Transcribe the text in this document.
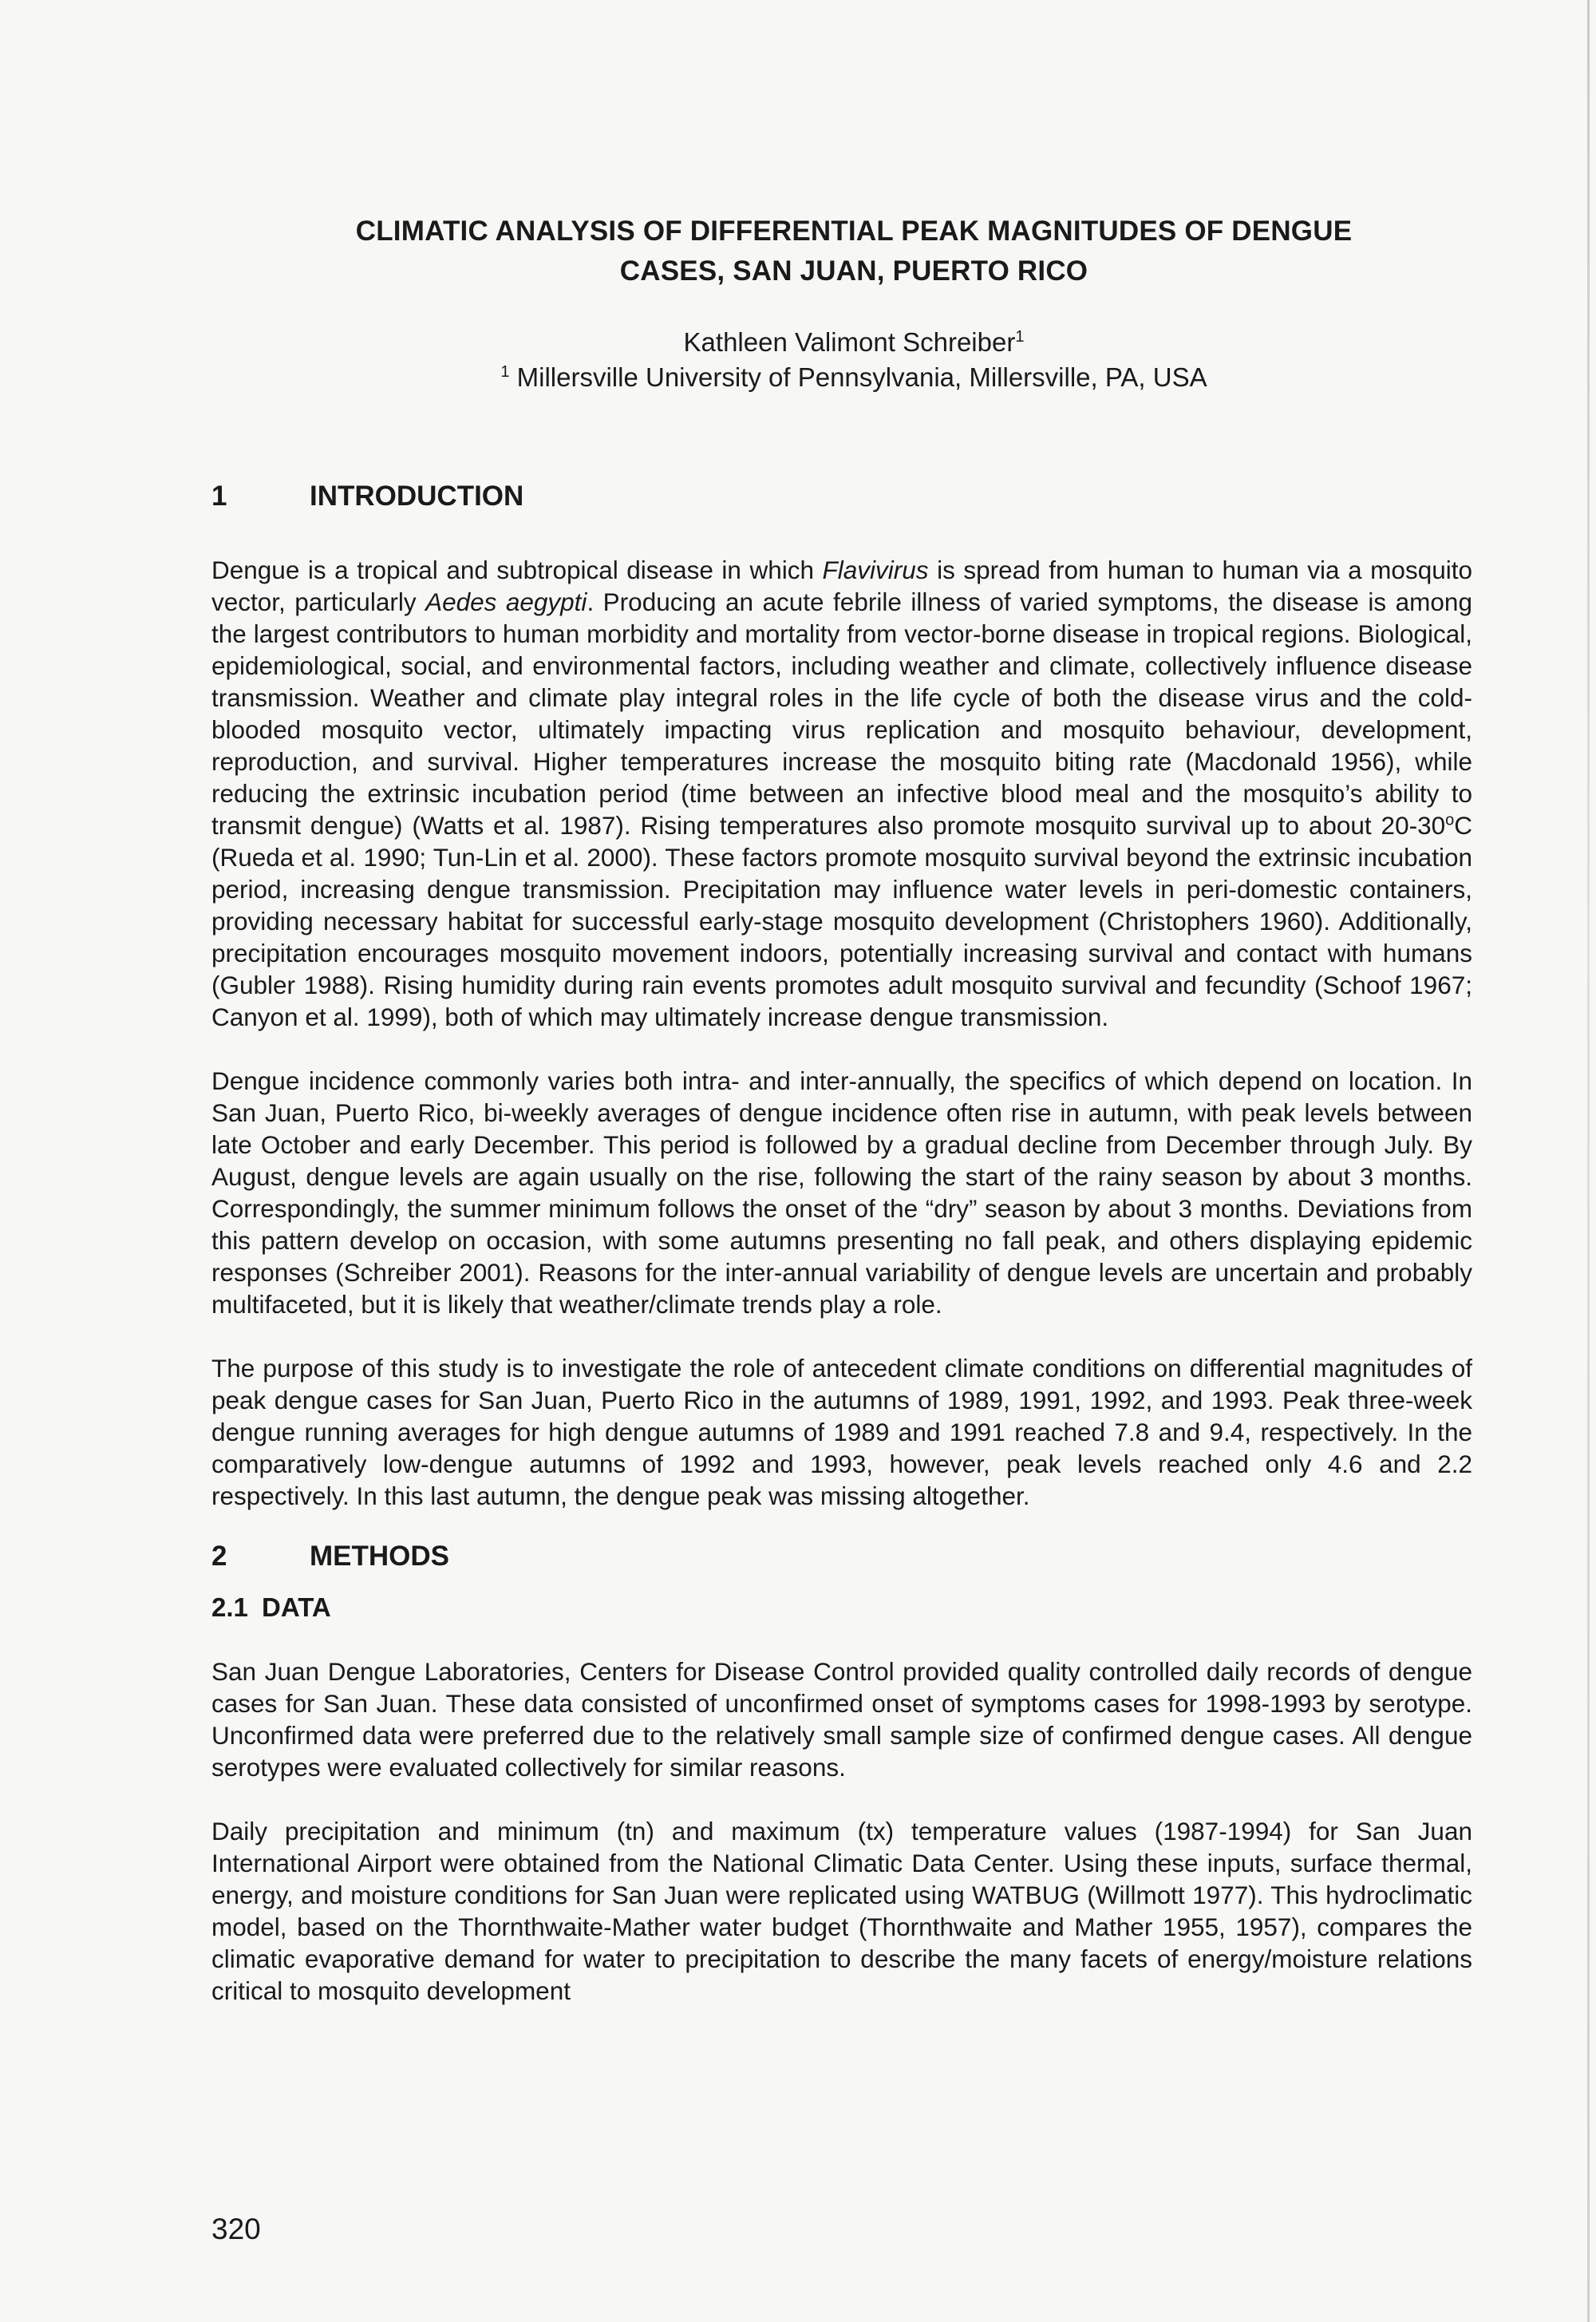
CLIMATIC ANALYSIS OF DIFFERENTIAL PEAK MAGNITUDES OF DENGUE
CASES, SAN JUAN, PUERTO RICO
Kathleen Valimont Schreiber$^1$
$^1$ Millersville University of Pennsylvania, Millersville, PA, USA
1	INTRODUCTION

Dengue is a tropical and subtropical disease in which Flavivirus is spread from human to human via a mosquito vector, particularly Aedes aegypti. Producing an acute febrile illness of varied symptoms, the disease is among the largest contributors to human morbidity and mortality from vector-borne disease in tropical regions. Biological, epidemiological, social, and environmental factors, including weather and climate, collectively influence disease transmission. Weather and climate play integral roles in the life cycle of both the disease virus and the cold-blooded mosquito vector, ultimately impacting virus replication and mosquito behaviour, development, reproduction, and survival. Higher temperatures increase the mosquito biting rate (Macdonald 1956), while reducing the extrinsic incubation period (time between an infective blood meal and the mosquito’s ability to transmit dengue) (Watts et al. 1987). Rising temperatures also promote mosquito survival up to about 20-30$^o$C (Rueda et al. 1990; Tun-Lin et al. 2000). These factors promote mosquito survival beyond the extrinsic incubation period, increasing dengue transmission. Precipitation may influence water levels in peri-domestic containers, providing necessary habitat for successful early-stage mosquito development (Christophers 1960). Additionally, precipitation encourages mosquito movement indoors, potentially increasing survival and contact with humans (Gubler 1988). Rising humidity during rain events promotes adult mosquito survival and fecundity (Schoof 1967; Canyon et al. 1999), both of which may ultimately increase dengue transmission.

Dengue incidence commonly varies both intra- and inter-annually, the specifics of which depend on location. In San Juan, Puerto Rico, bi-weekly averages of dengue incidence often rise in autumn, with peak levels between late October and early December. This period is followed by a gradual decline from December through July. By August, dengue levels are again usually on the rise, following the start of the rainy season by about 3 months. Correspondingly, the summer minimum follows the onset of the “dry” season by about 3 months. Deviations from this pattern develop on occasion, with some autumns presenting no fall peak, and others displaying epidemic responses (Schreiber 2001). Reasons for the inter-annual variability of dengue levels are uncertain and probably multifaceted, but it is likely that weather/climate trends play a role.

The purpose of this study is to investigate the role of antecedent climate conditions on differential magnitudes of peak dengue cases for San Juan, Puerto Rico in the autumns of 1989, 1991, 1992, and 1993. Peak three-week dengue running averages for high dengue autumns of 1989 and 1991 reached 7.8 and 9.4, respectively. In the comparatively low-dengue autumns of 1992 and 1993, however, peak levels reached only 4.6 and 2.2 respectively. In this last autumn, the dengue peak was missing altogether.

2	METHODS
2.1 DATA

San Juan Dengue Laboratories, Centers for Disease Control provided quality controlled daily records of dengue cases for San Juan. These data consisted of unconfirmed onset of symptoms cases for 1998-1993 by serotype. Unconfirmed data were preferred due to the relatively small sample size of confirmed dengue cases. All dengue serotypes were evaluated collectively for similar reasons.

Daily precipitation and minimum (tn) and maximum (tx) temperature values (1987-1994) for San Juan International Airport were obtained from the National Climatic Data Center. Using these inputs, surface thermal, energy, and moisture conditions for San Juan were replicated using WATBUG (Willmott 1977). This hydroclimatic model, based on the Thornthwaite-Mather water budget (Thornthwaite and Mather 1955, 1957), compares the climatic evaporative demand for water to precipitation to describe the many facets of energy/moisture relations critical to mosquito development

320
